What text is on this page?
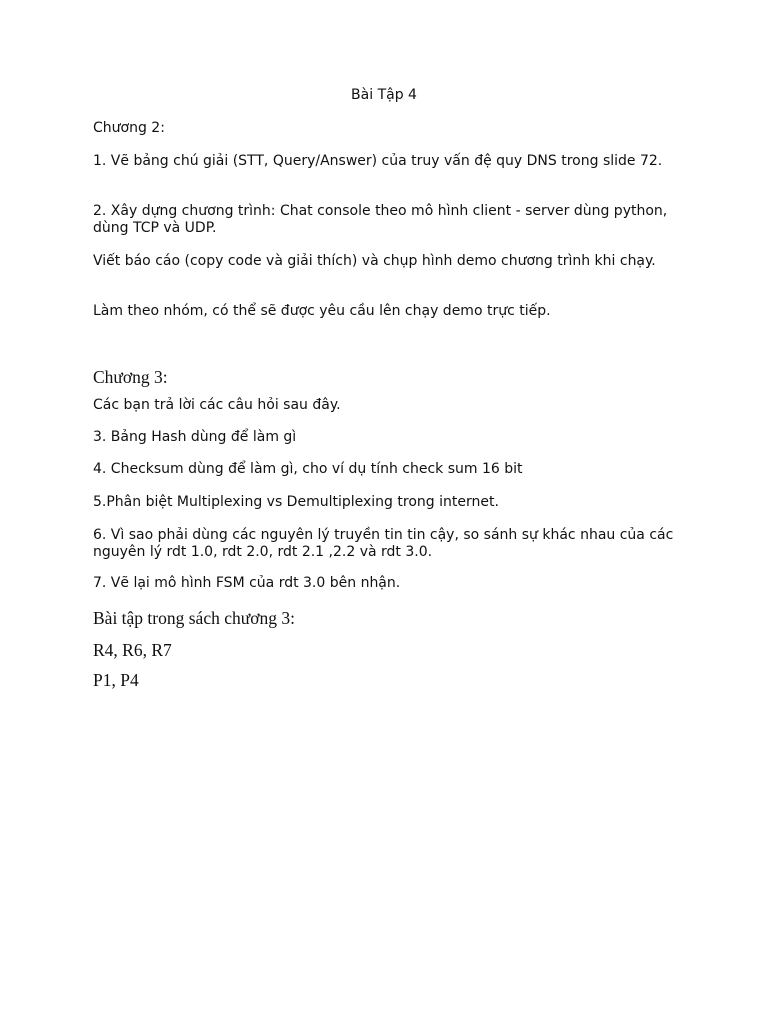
Bài Tập 4

Chương 2:

1. Vẽ bảng chú giải (STT, Query/Answer) của truy vấn đệ quy DNS trong slide 72.

2. Xây dựng chương trình: Chat console theo mô hình client - server dùng python, dùng TCP và UDP.

Viết báo cáo (copy code và giải thích) và chụp hình demo chương trình khi chạy.

Làm theo nhóm, có thể sẽ được yêu cầu lên chạy demo trực tiếp.

Chương 3:

Các bạn trả lời các câu hỏi sau đây.

3. Bảng Hash dùng để làm gì

4. Checksum dùng để làm gì, cho ví dụ tính check sum 16 bit

5.Phân biệt Multiplexing vs Demultiplexing trong internet.

6. Vì sao phải dùng các nguyên lý truyền tin tin cậy, so sánh sự khác nhau của các nguyên lý rdt 1.0, rdt 2.0, rdt 2.1 ,2.2 và rdt 3.0.

7. Vẽ lại mô hình FSM của rdt 3.0 bên nhận.

Bài tập trong sách chương 3:

R4, R6, R7

P1, P4
